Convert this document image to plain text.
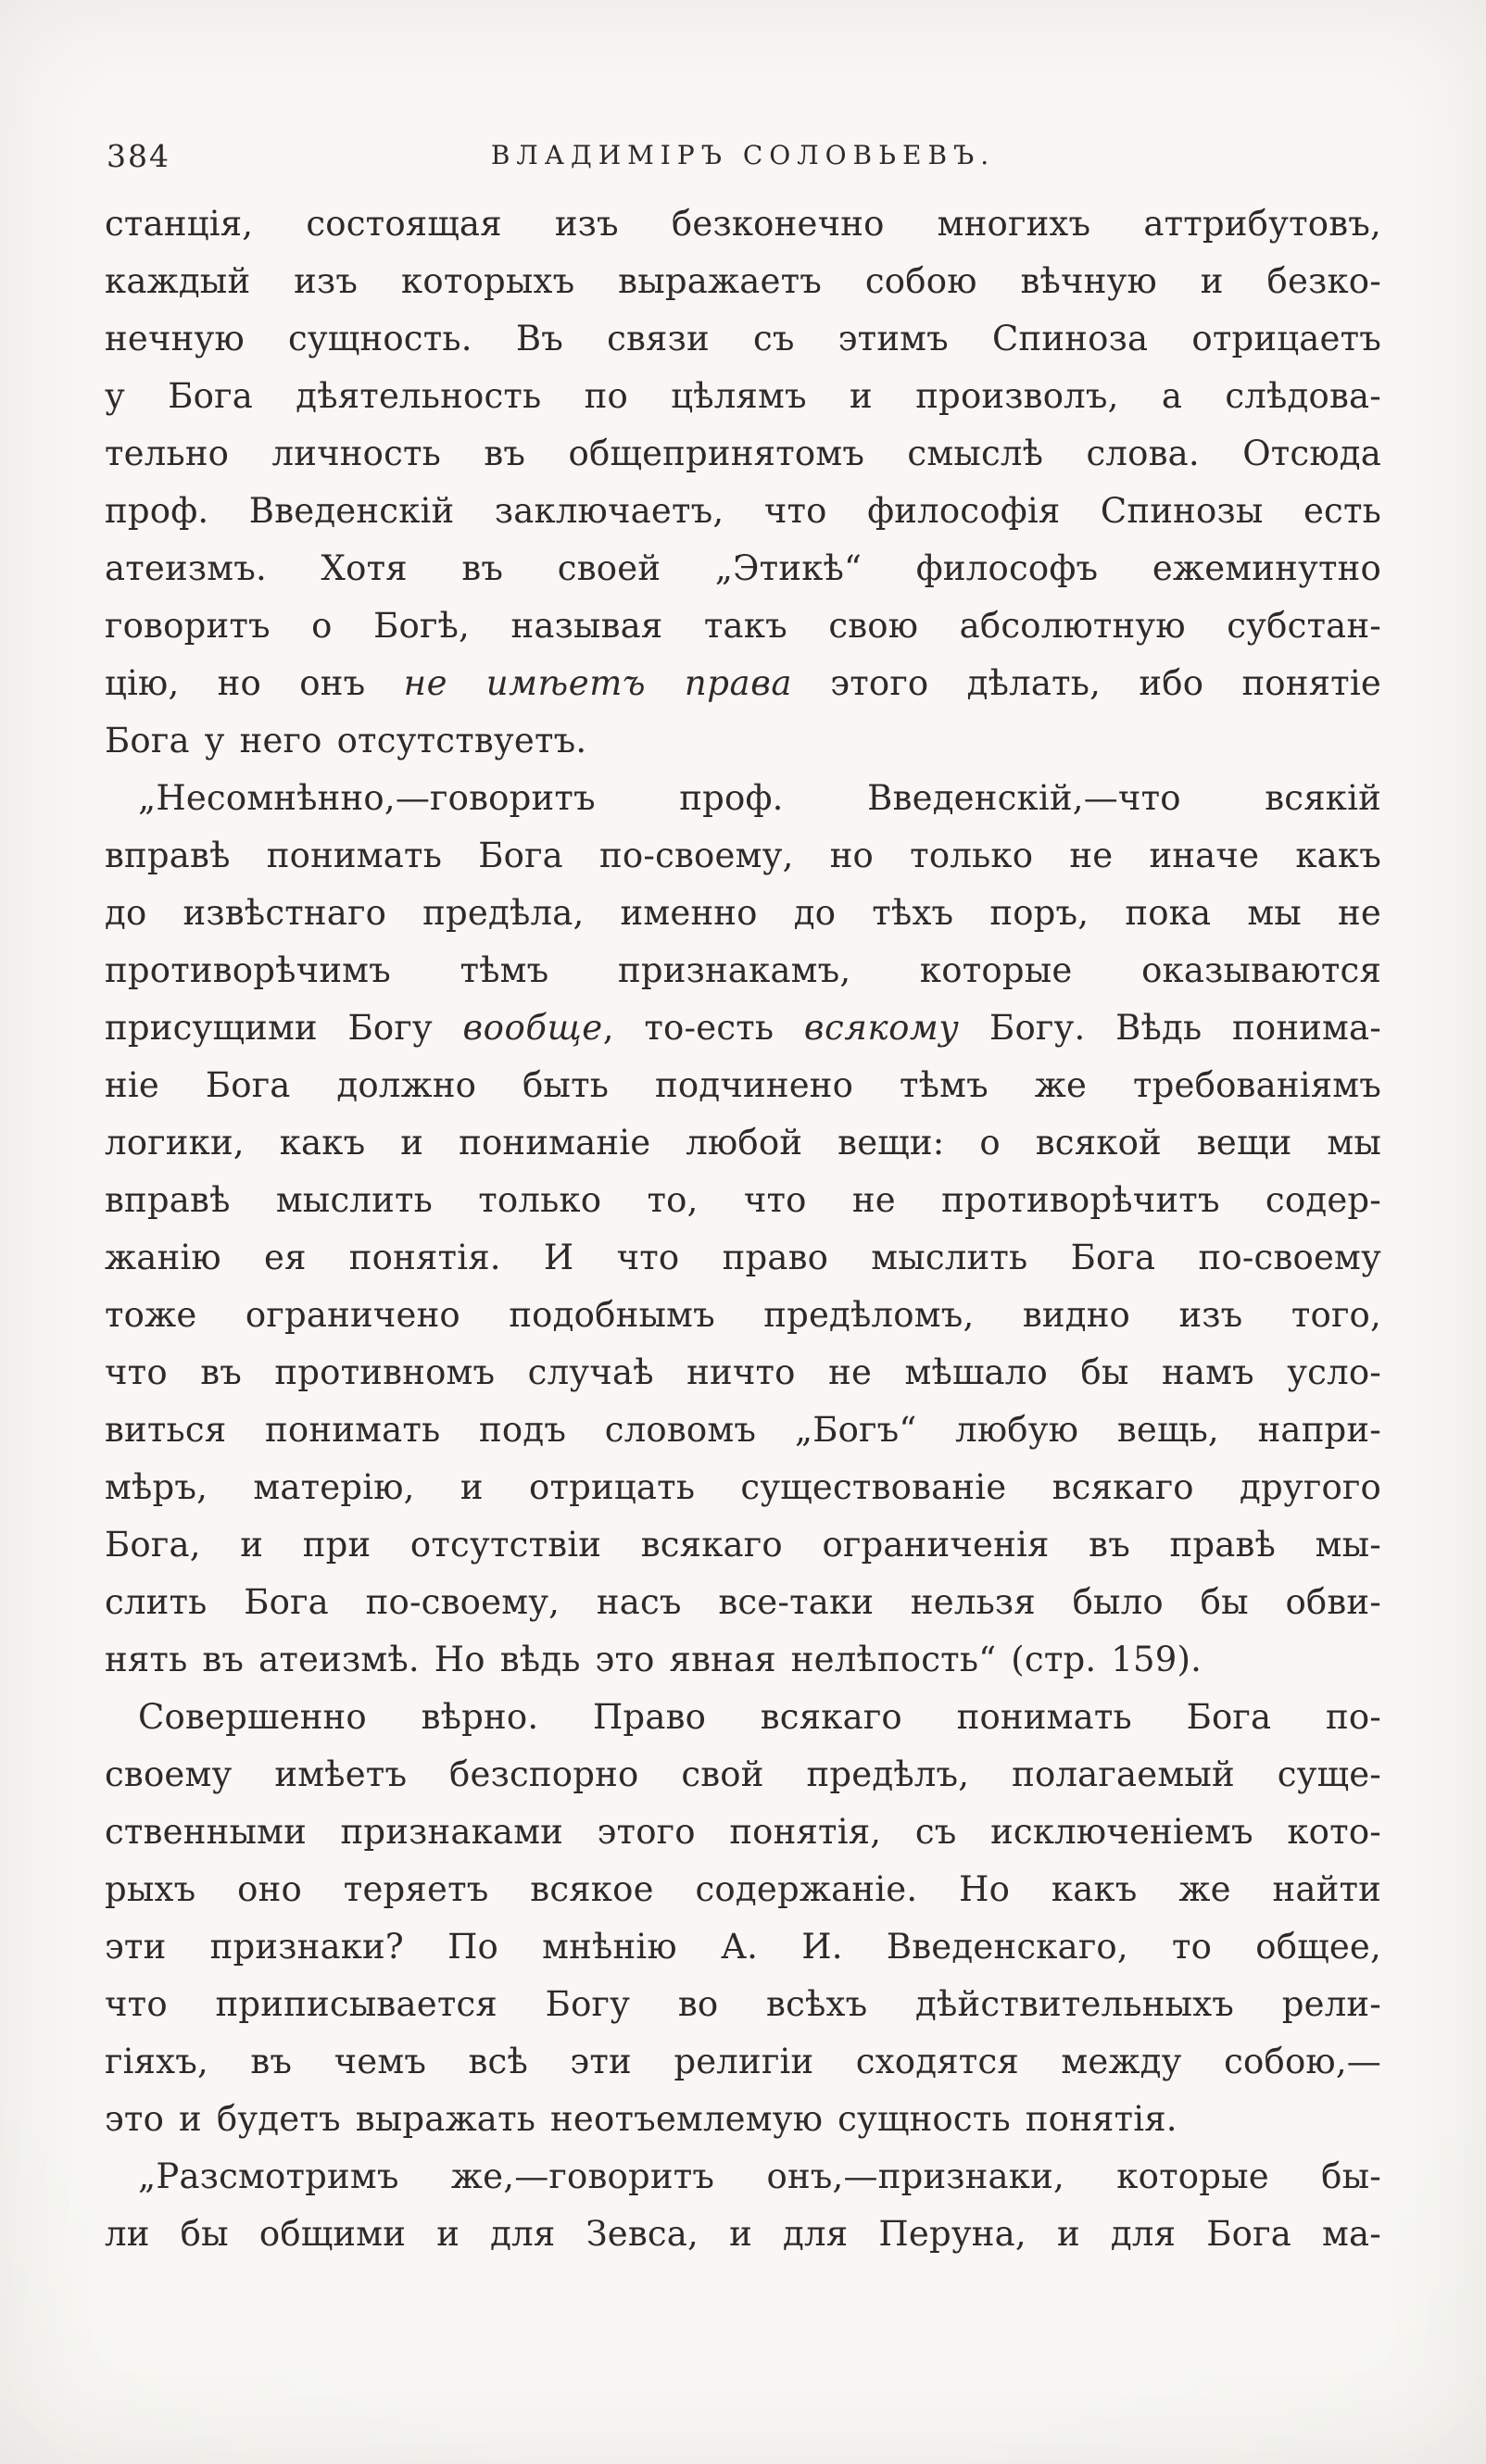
384	ВЛАДИМІРЪ СОЛОВЬЕВЪ.
станція, состоящая изъ безконечно многихъ аттрибутовъ,
каждый изъ которыхъ выражаетъ собою вѣчную и безко-
нечную сущность. Въ связи съ этимъ Спиноза отрицаетъ
у Бога дѣятельность по цѣлямъ и произволъ, а слѣдова-
тельно личность въ общепринятомъ смыслѣ слова. Отсюда
проф. Введенскій заключаетъ, что философія Спинозы есть
атеизмъ. Хотя въ своей „Этикѣ“ философъ ежеминутно
говоритъ о Богѣ, называя такъ свою абсолютную субстан-
цію, но онъ не имѣетъ права этого дѣлать, ибо понятіе
Бога у него отсутствуетъ.
„Несомнѣнно,—говоритъ проф. Введенскій,—что всякій
вправѣ понимать Бога по-своему, но только не иначе какъ
до извѣстнаго предѣла, именно до тѣхъ поръ, пока мы не
противорѣчимъ тѣмъ признакамъ, которые оказываются
присущими Богу вообще, то-есть всякому Богу. Вѣдь понима-
ніе Бога должно быть подчинено тѣмъ же требованіямъ
логики, какъ и пониманіе любой вещи: о всякой вещи мы
вправѣ мыслить только то, что не противорѣчитъ содер-
жанію ея понятія. И что право мыслить Бога по-своему
тоже ограничено подобнымъ предѣломъ, видно изъ того,
что въ противномъ случаѣ ничто не мѣшало бы намъ усло-
виться понимать подъ словомъ „Богъ“ любую вещь, напри-
мѣръ, матерію, и отрицать существованіе всякаго другого
Бога, и при отсутствіи всякаго ограниченія въ правѣ мы-
слить Бога по-своему, насъ все-таки нельзя было бы обви-
нять въ атеизмѣ. Но вѣдь это явная нелѣпость“ (стр. 159).
Совершенно вѣрно. Право всякаго понимать Бога по-
своему имѣетъ безспорно свой предѣлъ, полагаемый суще-
ственными признаками этого понятія, съ исключеніемъ кото-
рыхъ оно теряетъ всякое содержаніе. Но какъ же найти
эти признаки? По мнѣнію А. И. Введенскаго, то общее,
что приписывается Богу во всѣхъ дѣйствительныхъ рели-
гіяхъ, въ чемъ всѣ эти религіи сходятся между собою,—
это и будетъ выражать неотъемлемую сущность понятія.
„Разсмотримъ же,—говоритъ онъ,—признаки, которые бы-
ли бы общими и для Зевса, и для Перуна, и для Бога ма-
